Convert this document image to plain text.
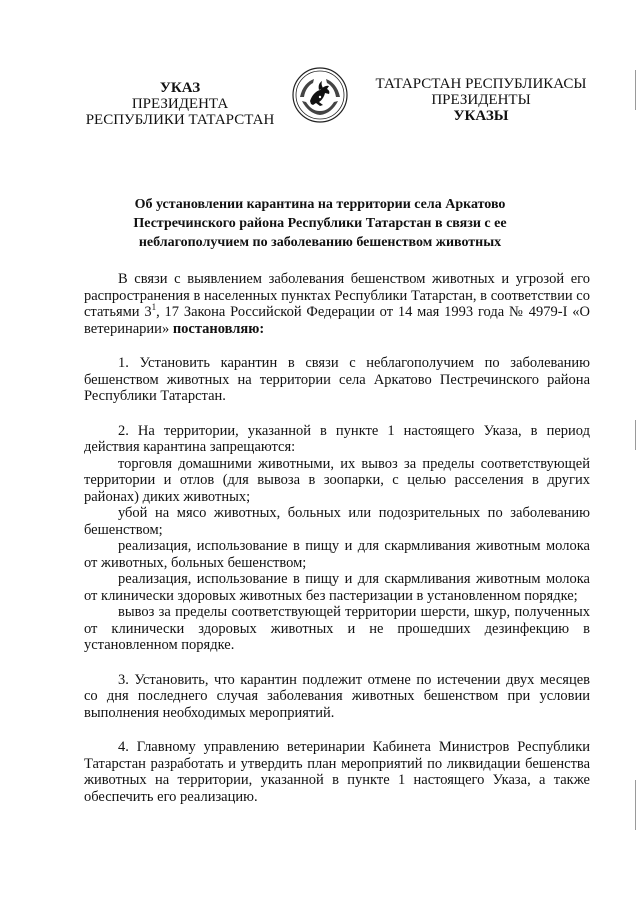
УКАЗ
ПРЕЗИДЕНТА
РЕСПУБЛИКИ ТАТАРСТАН
ТАТАРСТАН РЕСПУБЛИКАСЫ
ПРЕЗИДЕНТЫ
УКАЗЫ
Об установлении карантина на территории села Аркатово
Пестречинского района Республики Татарстан в связи с ее
неблагополучием по заболеванию бешенством животных

В связи с выявлением заболевания бешенством животных и угрозой его распространения в населенных пунктах Республики Татарстан, в соответствии со статьями $3^1$, 17 Закона Российской Федерации от 14 мая 1993 года № 4979-I «О ветеринарии» постановляю:

1. Установить карантин в связи с неблагополучием по заболеванию бешенством животных на территории села Аркатово Пестречинского района Республики Татарстан.

2. На территории, указанной в пункте 1 настоящего Указа, в период действия карантина запрещаются:

торговля домашними животными, их вывоз за пределы соответствующей территории и отлов (для вывоза в зоопарки, с целью расселения в других районах) диких животных;

убой на мясо животных, больных или подозрительных по заболеванию бешенством;

реализация, использование в пищу и для скармливания животным молока от животных, больных бешенством;

реализация, использование в пищу и для скармливания животным молока от клинически здоровых животных без пастеризации в установленном порядке;

вывоз за пределы соответствующей территории шерсти, шкур, полученных от клинически здоровых животных и не прошедших дезинфекцию в установленном порядке.

3. Установить, что карантин подлежит отмене по истечении двух месяцев со дня последнего случая заболевания животных бешенством при условии выполнения необходимых мероприятий.

4. Главному управлению ветеринарии Кабинета Министров Республики Татарстан разработать и утвердить план мероприятий по ликвидации бешенства животных на территории, указанной в пункте 1 настоящего Указа, а также обеспечить его реализацию.
